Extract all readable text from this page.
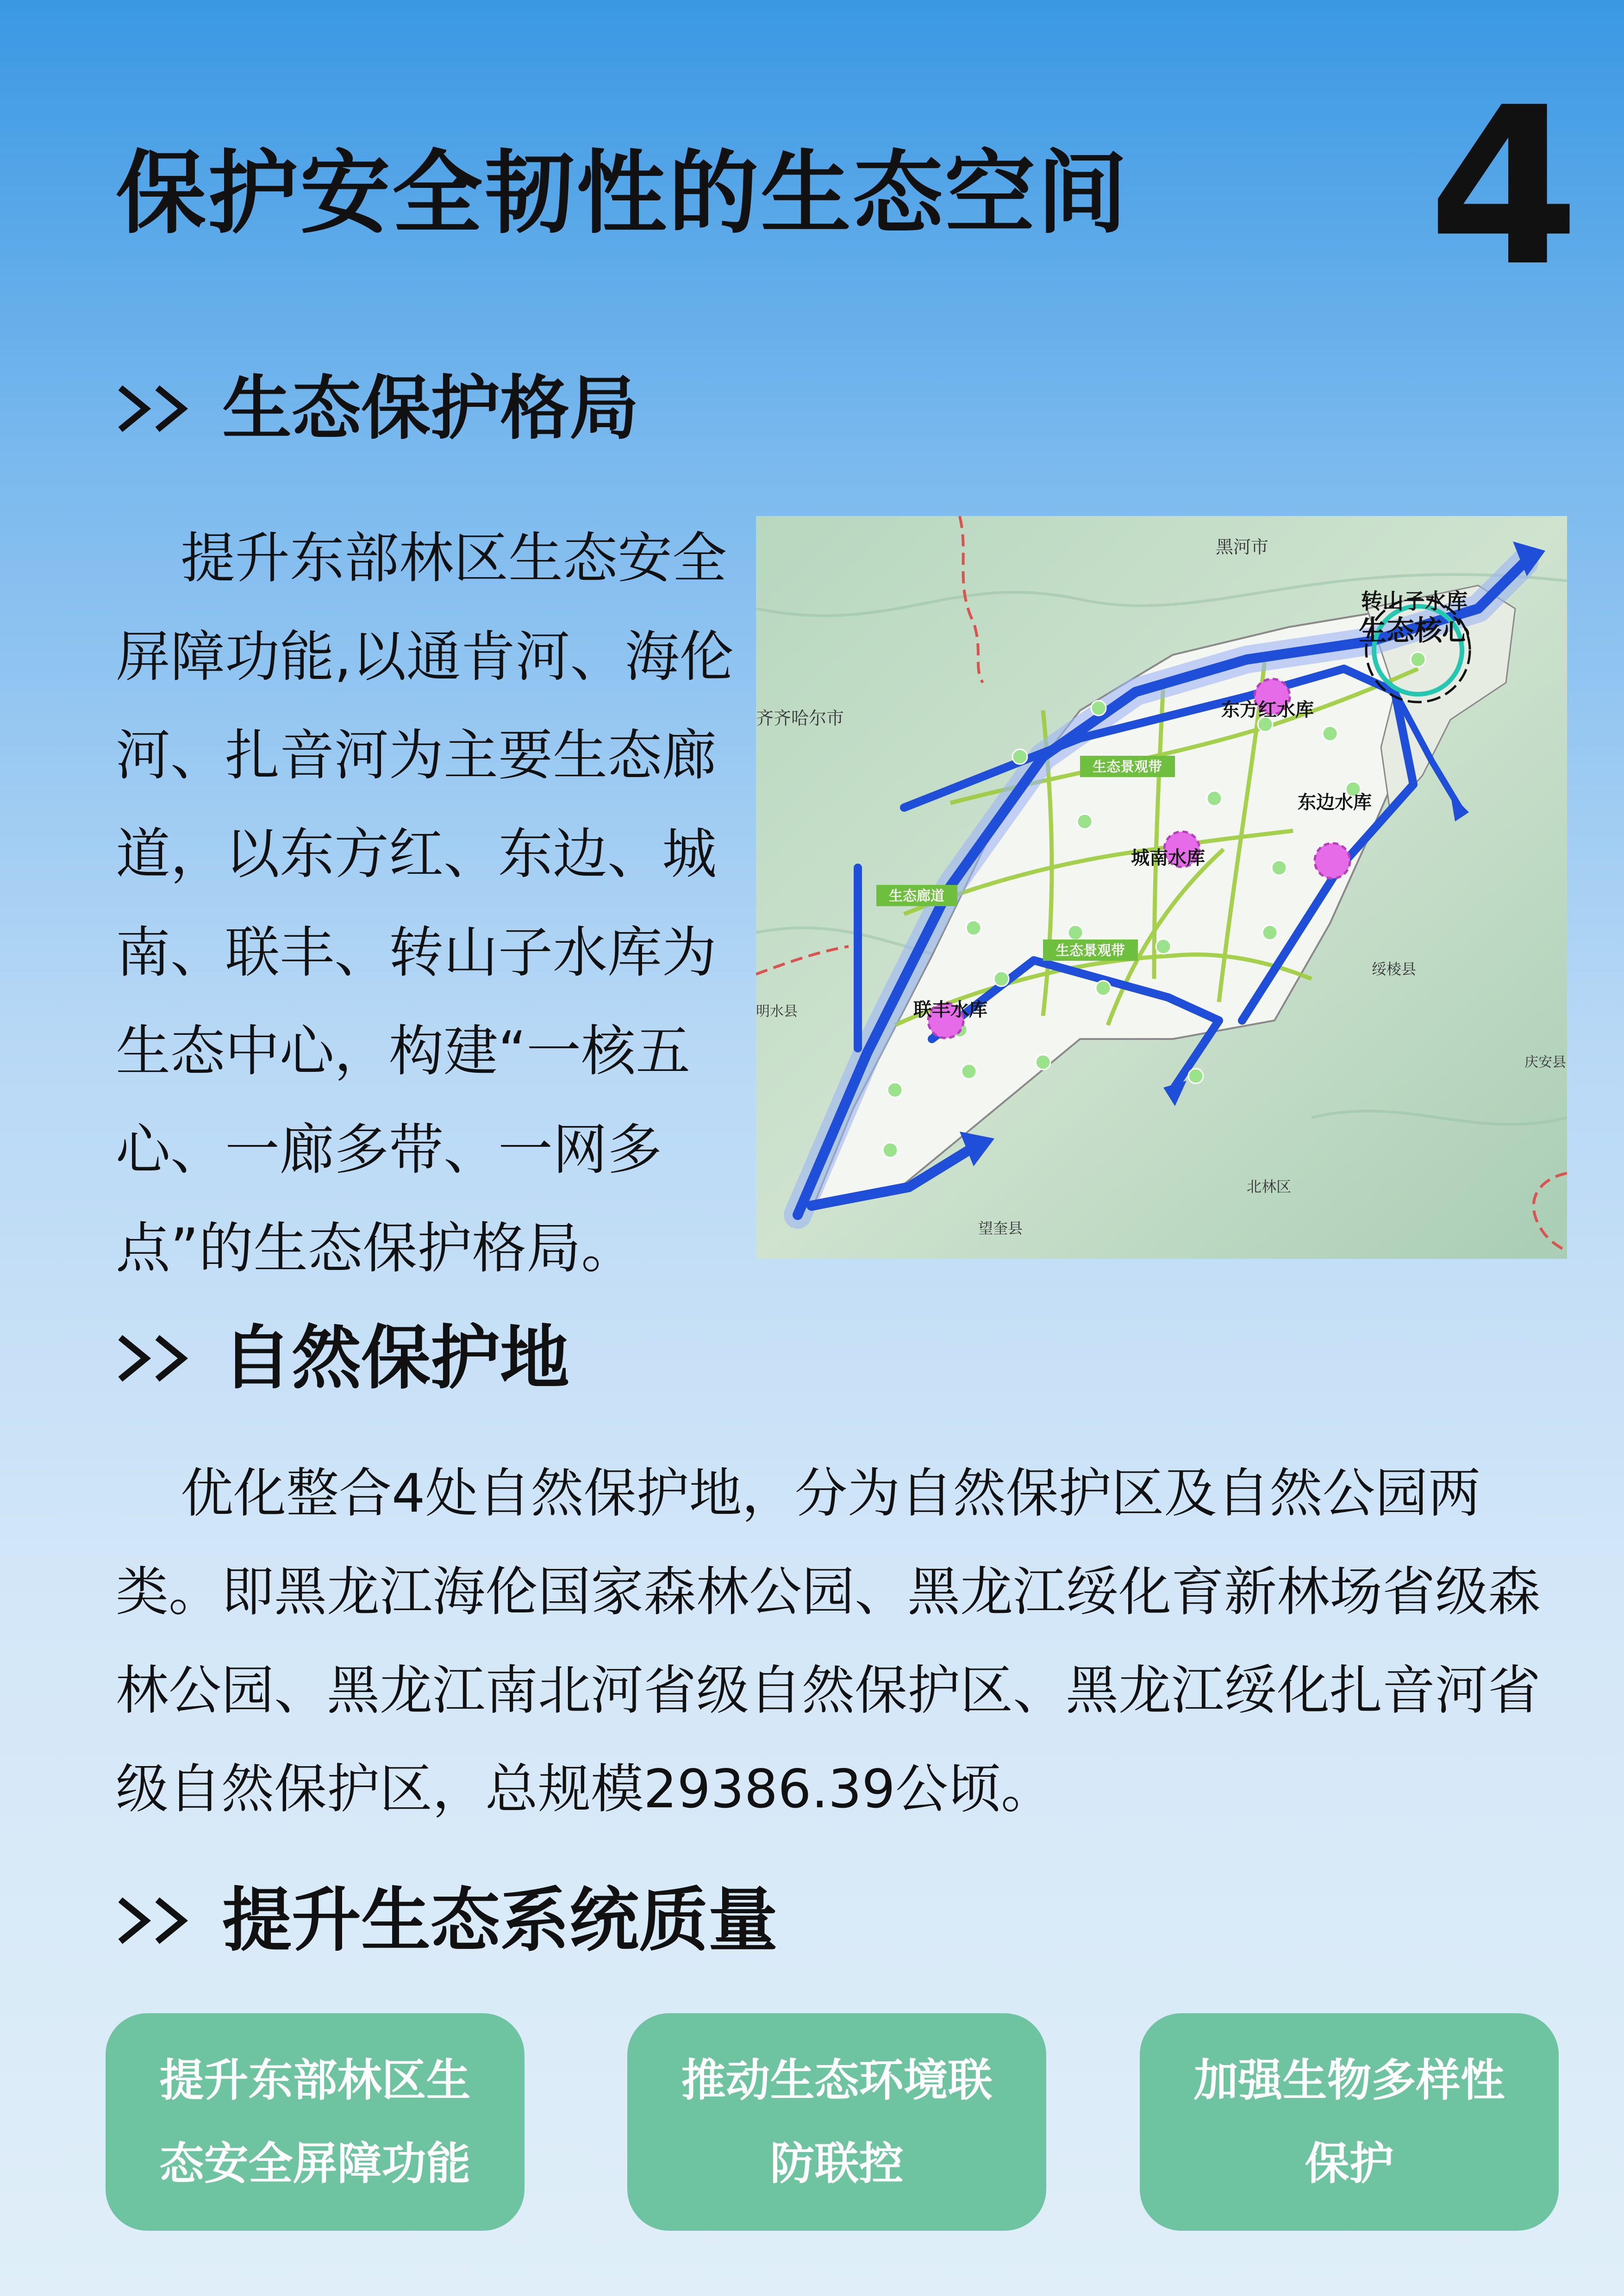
保护安全韧性的生态空间 4
生态保护格局
提升东部林区生态安全屏障功能,以通肯河、海伦河、扎音河为主要生态廊道，以东方红、东边、城南、联丰、转山子水库为生态中心，构建“一核五心、一廊多带、一网多点”的生态保护格局。
生态景观带
生态景观带
生态廊道
东方红水库
东边水库
城南水库
联丰水库
转山子水库
生态核心
黑河市
齐齐哈尔市
绥棱县
明水县
庆安县
北林区
望奎县
自然保护地
优化整合4处自然保护地，分为自然保护区及自然公园两类。即黑龙江海伦国家森林公园、黑龙江绥化育新林场省级森林公园、黑龙江南北河省级自然保护区、黑龙江绥化扎音河省级自然保护区，总规模29386.39公顷。
提升生态系统质量
提升东部林区生态安全屏障功能
推动生态环境联防联控
加强生物多样性保护
